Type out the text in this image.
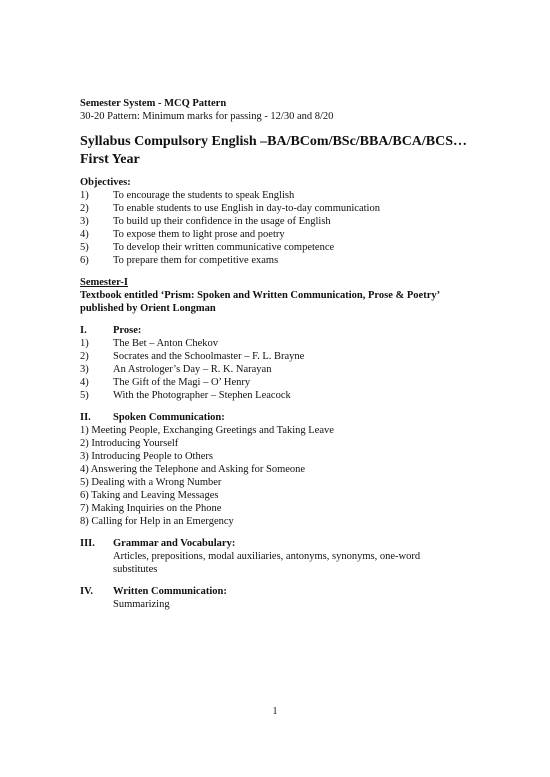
Semester System - MCQ Pattern
30-20 Pattern: Minimum marks for passing - 12/30 and 8/20
Syllabus Compulsory English –BA/BCom/BSc/BBA/BCA/BCS… First Year
Objectives:
1) To encourage the students to speak English
2) To enable students to use English in day-to-day communication
3) To build up their confidence in the usage of English
4) To expose them to light prose and poetry
5) To develop their written communicative competence
6) To prepare them for competitive exams
Semester-I
Textbook entitled ‘Prism: Spoken and Written Communication, Prose & Poetry’ published by Orient Longman
I.	Prose:
1) The Bet – Anton Chekov
2) Socrates and the Schoolmaster – F. L. Brayne
3) An Astrologer’s Day – R. K. Narayan
4) The Gift of the Magi – O’ Henry
5) With the Photographer – Stephen Leacock
II. Spoken Communication:
1) Meeting People, Exchanging Greetings and Taking Leave
2) Introducing Yourself
3) Introducing People to Others
4) Answering the Telephone and Asking for Someone
5) Dealing with a Wrong Number
6) Taking and Leaving Messages
7) Making Inquiries on the Phone
8) Calling for Help in an Emergency
III. Grammar and Vocabulary:
Articles, prepositions, modal auxiliaries, antonyms, synonyms, one-word substitutes
IV. Written Communication:
Summarizing
1
